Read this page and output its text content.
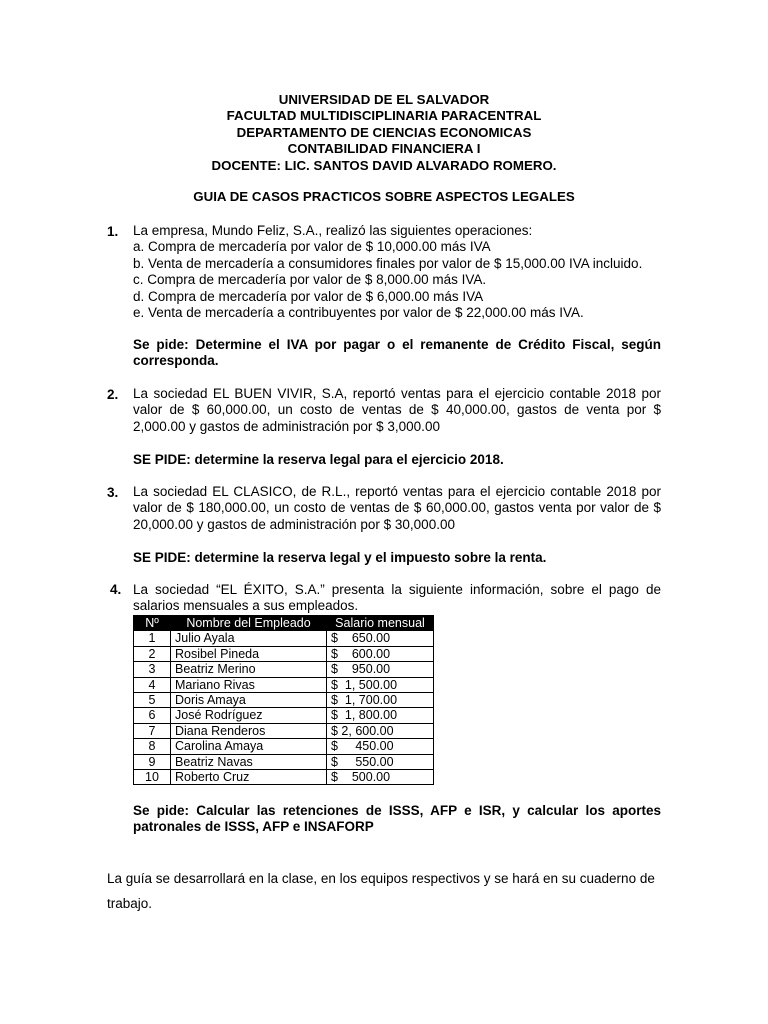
UNIVERSIDAD DE EL SALVADOR
FACULTAD MULTIDISCIPLINARIA PARACENTRAL
DEPARTAMENTO DE CIENCIAS ECONOMICAS
CONTABILIDAD FINANCIERA I
DOCENTE: LIC. SANTOS DAVID ALVARADO ROMERO.
GUIA DE CASOS PRACTICOS SOBRE ASPECTOS LEGALES
1. La empresa, Mundo Feliz, S.A., realizó las siguientes operaciones:

a. Compra de mercadería por valor de $ 10,000.00 más IVA

b. Venta de mercadería a consumidores finales por valor de $ 15,000.00 IVA incluido.

c. Compra de mercadería por valor de $ 8,000.00 más IVA.

d. Compra de mercadería por valor de $ 6,000.00 más IVA

e. Venta de mercadería a contribuyentes por valor de $ 22,000.00 más IVA.

Se pide: Determine el IVA por pagar o el remanente de Crédito Fiscal, según corresponda.
2. La sociedad EL BUEN VIVIR, S.A, reportó ventas para el ejercicio contable 2018 por valor de $ 60,000.00, un costo de ventas de $ 40,000.00, gastos de venta por $ 2,000.00 y gastos de administración por $ 3,000.00
SE PIDE: determine la reserva legal para el ejercicio 2018.
3. La sociedad EL CLASICO, de R.L., reportó ventas para el ejercicio contable 2018 por valor de $ 180,000.00, un costo de ventas de $ 60,000.00, gastos venta por valor de $ 20,000.00 y gastos de administración por $ 30,000.00
SE PIDE: determine la reserva legal y el impuesto sobre la renta.
4. La sociedad “EL ÉXITO, S.A.” presenta la siguiente información, sobre el pago de salarios mensuales a sus empleados.
Nº	Nombre del Empleado	Salario mensual
1	Julio Ayala	$    650.00
2	Rosibel Pineda	$    600.00
3	Beatriz Merino	$    950.00
4	Mariano Rivas	$  1, 500.00
5	Doris Amaya	$  1, 700.00
6	José Rodríguez	$  1, 800.00
7	Diana Renderos	$ 2, 600.00
8	Carolina Amaya	$     450.00
9	Beatriz Navas	$     550.00
10	Roberto Cruz	$    500.00
Se pide: Calcular las retenciones de ISSS, AFP e ISR, y calcular los aportes patronales de ISSS, AFP e INSAFORP
La guía se desarrollará en la clase, en los equipos respectivos y se hará en su cuaderno de trabajo.
